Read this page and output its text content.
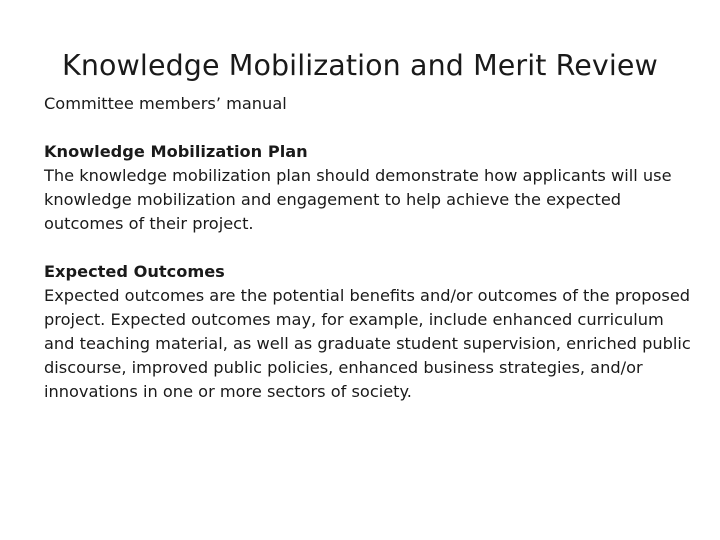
Knowledge Mobilization and Merit Review

Committee members’ manual

Knowledge Mobilization Plan

The knowledge mobilization plan should demonstrate how applicants will use knowledge mobilization and engagement to help achieve the expected outcomes of their project.

Expected Outcomes

Expected outcomes are the potential benefits and/or outcomes of the proposed project. Expected outcomes may, for example, include enhanced curriculum and teaching material, as well as graduate student supervision, enriched public discourse, improved public policies, enhanced business strategies, and/or innovations in one or more sectors of society.
